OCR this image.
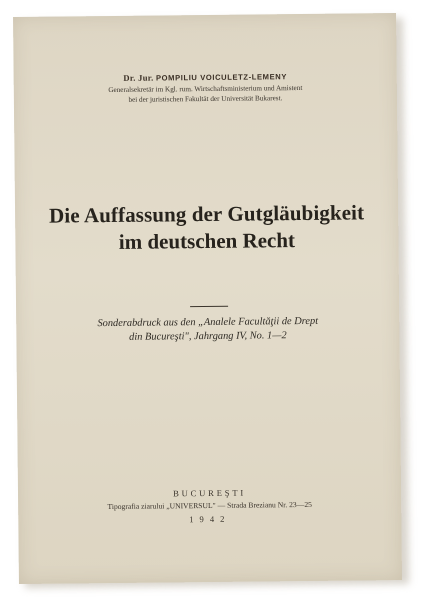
Dr. Jur. POMPILIU VOICULETZ-LEMENY
Generalsekretär im Kgl. rum. Wirtschaftsministerium und Amistent
bei der juristischen Fakultät der Universität Bukarest.
Die Auffassung der Gutgläubigkeit
im deutschen Recht
Sonderabdruck aus den „Analele Facultăţii de Drept
din Bucureşti", Jahrgang IV, No. 1—2
BUCUREŞTI
Tipografia ziarului „UNIVERSUL" — Strada Brezianu Nr. 23—25
1942
